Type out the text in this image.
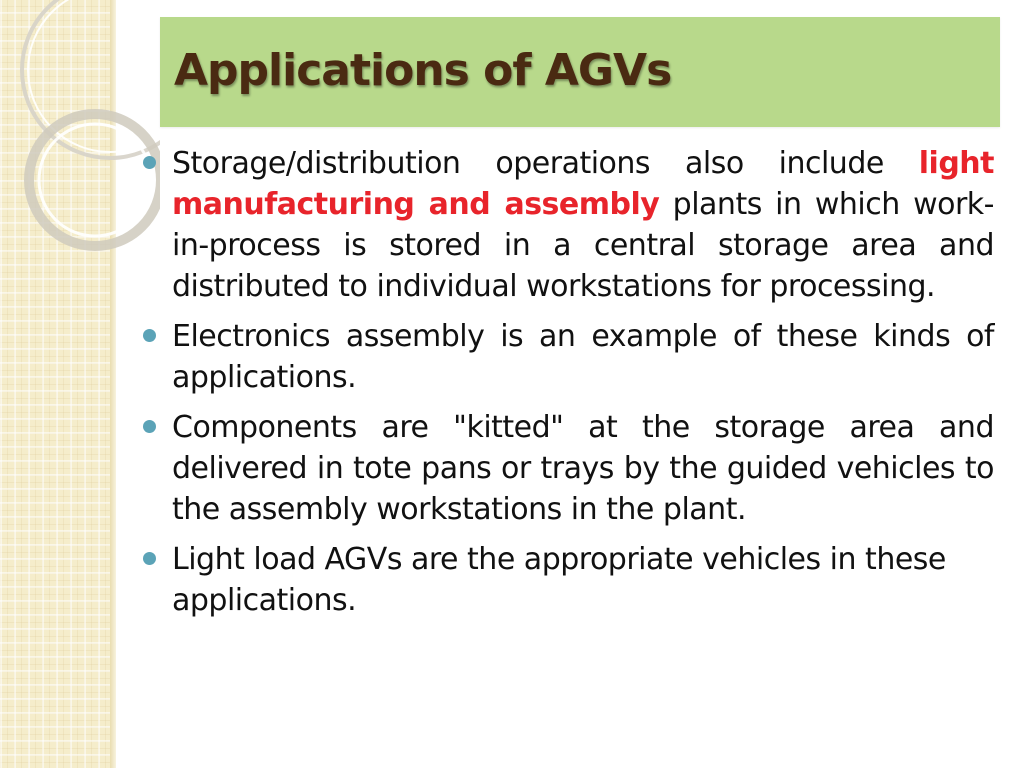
Applications of AGVs
Storage/distribution operations also include light manufacturing and assembly plants in which work-in-process is stored in a central storage area and distributed to individual workstations for processing.
Electronics assembly is an example of these kinds of applications.
Components are "kitted" at the storage area and delivered in tote pans or trays by the guided vehicles to the assembly workstations in the plant.
Light load AGVs are the appropriate vehicles in these applications.
